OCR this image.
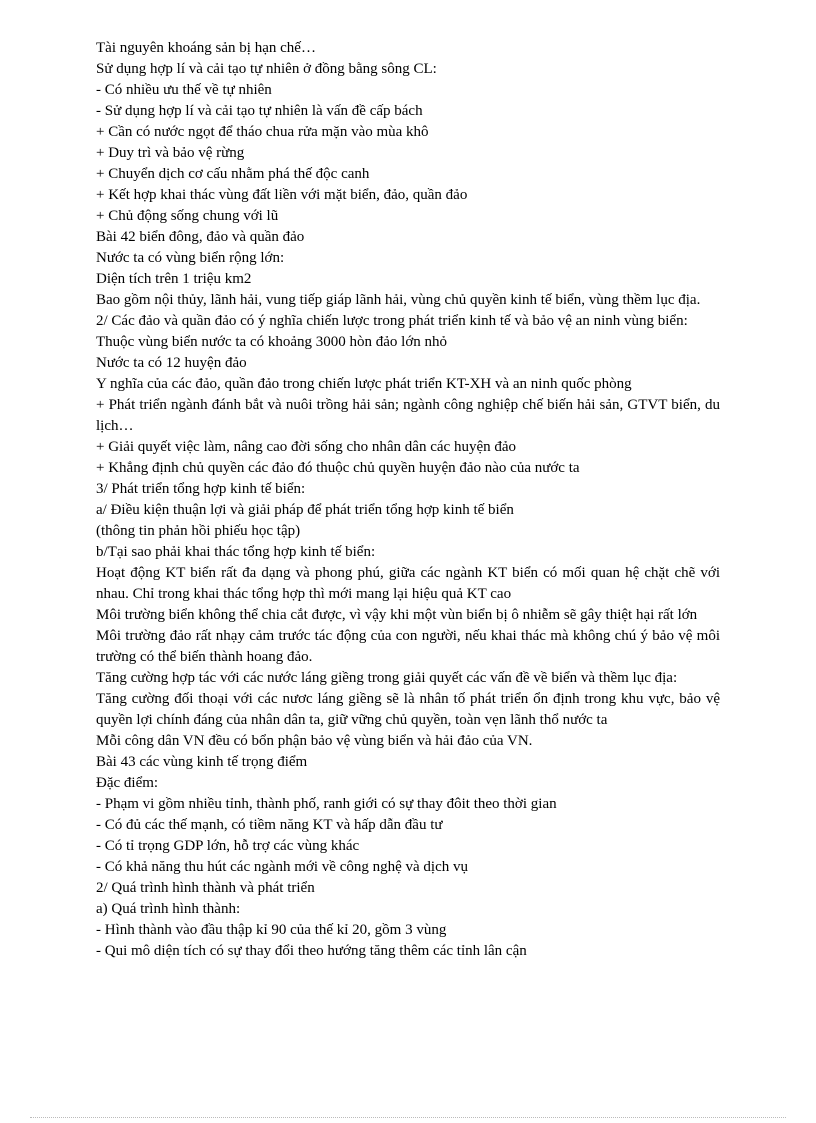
Tài nguyên khoáng sản bị hạn chế…
Sử dụng hợp lí và cải tạo tự nhiên ở đồng bằng sông CL:
- Có nhiều ưu thế về tự nhiên
- Sử dụng hợp lí và cải tạo tự nhiên là vấn đề cấp bách
+ Cần có nước ngọt để tháo chua rửa mặn vào mùa khô
+ Duy trì và bảo vệ rừng
+ Chuyển dịch cơ cấu nhằm phá thế độc canh
+ Kết hợp khai thác vùng đất liền với mặt biển, đảo, quần đảo
+ Chủ động sống chung với lũ
Bài 42 biển đông, đảo và quần đảo
Nước ta có vùng biển rộng lớn:
Diện tích trên 1 triệu km2
Bao gồm nội thủy, lãnh hải, vung tiếp giáp lãnh hải, vùng chủ quyền kinh tế biển, vùng thềm lục địa.
2/ Các đảo và quần đảo có ý nghĩa chiến lược trong phát triển kinh tế và bảo vệ an ninh vùng biển:
Thuộc vùng biển nước ta có khoảng 3000 hòn đảo lớn nhỏ
Nước ta có 12 huyện đảo
Y nghĩa của các đảo, quần đảo trong chiến lược phát triển KT-XH và an ninh quốc phòng
+ Phát triển ngành đánh bắt và nuôi trồng hải sản; ngành công nghiệp chế biến hải sản, GTVT biển, du lịch…
+ Giải quyết việc làm, nâng cao đời sống cho nhân dân các huyện đảo
+ Khẳng định chủ quyền các đảo đó thuộc chủ quyền huyện đảo nào của nước ta
3/ Phát triển tổng hợp kinh tế biển:
a/ Điều kiện thuận lợi và giải pháp để phát triển tổng hợp kinh tế biển
(thông tin phản hồi phiếu học tập)
b/Tại sao phải khai thác tổng hợp kinh tế biển:
Hoạt động KT biển rất đa dạng và phong phú, giữa các ngành KT biển có mối quan hệ chặt chẽ với nhau. Chỉ trong khai thác tổng hợp thì mới mang lại hiệu quả KT cao
Môi trường biển không thể chia cắt được, vì vậy khi một vùn biển bị ô nhiễm sẽ gây thiệt hại rất lớn
Môi trường đảo rất nhạy cảm trước tác động của con người, nếu khai thác mà không chú ý bảo vệ môi trường có thể biến thành hoang đảo.
Tăng cường hợp tác với các nước láng giềng trong giải quyết các vấn đề về biển và thềm lục địa:
Tăng cường đối thoại với các nươc láng giềng sẽ là nhân tố phát triển ổn định trong khu vực, bảo vệ quyền lợi chính đáng của nhân dân ta, giữ vững chủ quyền, toàn vẹn lãnh thổ nước ta
Mỗi công dân VN đều có bổn phận bảo vệ vùng biển và hải đảo của VN.
Bài 43 các vùng kinh tế trọng điểm
Đặc điểm:
- Phạm vi gồm nhiều tỉnh, thành phố, ranh giới có sự thay đôit theo thời gian
- Có đủ các thế mạnh, có tiềm năng KT và hấp dẫn đầu tư
- Có tỉ trọng GDP lớn, hỗ trợ các vùng khác
- Có khả năng thu hút các ngành mới về công nghệ và dịch vụ
2/ Quá trình hình thành và phát triển
a) Quá trình hình thành:
- Hình thành vào đầu thập kỉ 90 của thế kỉ 20, gồm 3 vùng
- Qui mô diện tích có sự thay đổi theo hướng tăng thêm các tỉnh lân cận
